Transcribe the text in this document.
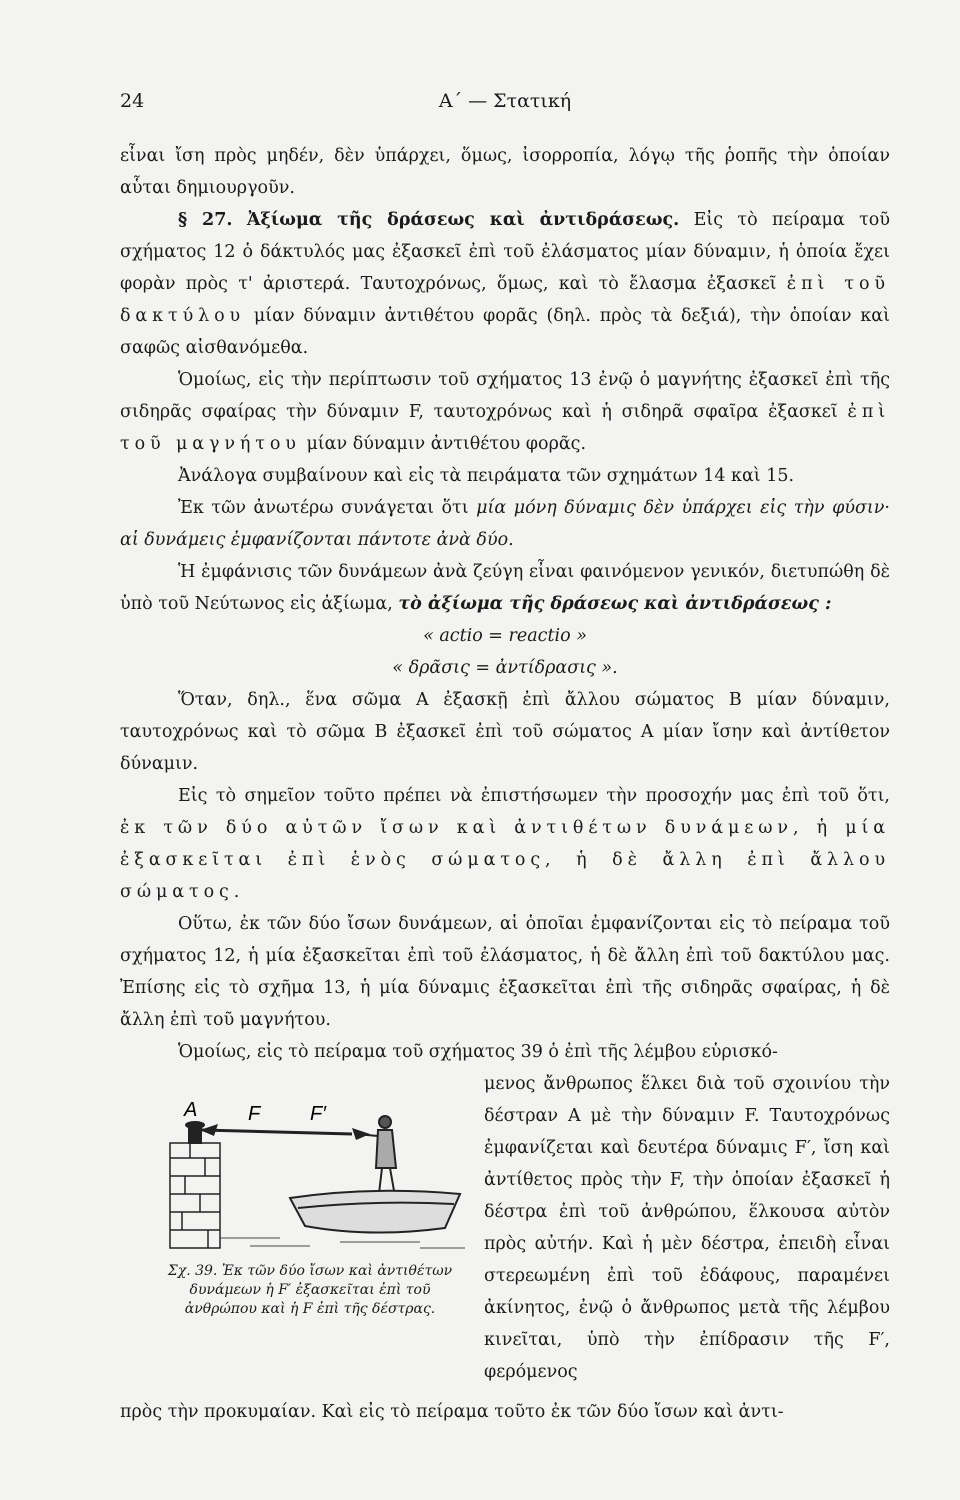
24	Α΄ — Στατική

εἶναι ἴση πρὸς μηδέν, δὲν ὑπάρχει, ὅμως, ἰσορροπία, λόγῳ τῆς ῥοπῆς τὴν ὁποίαν αὗται δημιουργοῦν.

§ 27. Ἀξίωμα τῆς δράσεως καὶ ἀντιδράσεως. Εἰς τὸ πείραμα τοῦ σχήματος 12 ὁ δάκτυλός μας ἐξασκεῖ ἐπὶ τοῦ ἐλάσματος μίαν δύναμιν, ἡ ὁποία ἔχει φορὰν πρὸς τ' ἀριστερά. Ταυτοχρόνως, ὅμως, καὶ τὸ ἔλασμα ἐξασκεῖ ἐπὶ τοῦ δακτύλου μίαν δύναμιν ἀντιθέτου φορᾶς (δηλ. πρὸς τὰ δεξιά), τὴν ὁποίαν καὶ σαφῶς αἰσθανόμεθα.

Ὁμοίως, εἰς τὴν περίπτωσιν τοῦ σχήματος 13 ἐνῷ ὁ μαγνήτης ἐξασκεῖ ἐπὶ τῆς σιδηρᾶς σφαίρας τὴν δύναμιν F, ταυτοχρόνως καὶ ἡ σιδηρᾶ σφαῖρα ἐξασκεῖ ἐπὶ τοῦ μαγνήτου μίαν δύναμιν ἀντιθέτου φορᾶς.

Ἀνάλογα συμβαίνουν καὶ εἰς τὰ πειράματα τῶν σχημάτων 14 καὶ 15.

Ἐκ τῶν ἀνωτέρω συνάγεται ὅτι μία μόνη δύναμις δὲν ὑπάρχει εἰς τὴν φύσιν· αἱ δυνάμεις ἐμφανίζονται πάντοτε ἀνὰ δύο.

Ἡ ἐμφάνισις τῶν δυνάμεων ἀνὰ ζεύγη εἶναι φαινόμενον γενικόν, διετυπώθη δὲ ὑπὸ τοῦ Νεύτωνος εἰς ἀξίωμα, τὸ ἀξίωμα τῆς δράσεως καὶ ἀντιδράσεως :

« actio = reactio »

« δρᾶσις = ἀντίδρασις ».

Ὅταν, δηλ., ἕνα σῶμα A ἐξασκῇ ἐπὶ ἄλλου σώματος B μίαν δύναμιν, ταυτοχρόνως καὶ τὸ σῶμα B ἐξασκεῖ ἐπὶ τοῦ σώματος A μίαν ἴσην καὶ ἀντίθετον δύναμιν.

Εἰς τὸ σημεῖον τοῦτο πρέπει νὰ ἐπιστήσωμεν τὴν προσοχήν μας ἐπὶ τοῦ ὅτι, ἐκ τῶν δύο αὐτῶν ἴσων καὶ ἀντιθέτων δυνάμεων, ἡ μία ἐξασκεῖται ἐπὶ ἑνὸς σώματος, ἡ δὲ ἄλλη ἐπὶ ἄλλου σώματος.

Οὕτω, ἐκ τῶν δύο ἴσων δυνάμεων, αἱ ὁποῖαι ἐμφανίζονται εἰς τὸ πείραμα τοῦ σχήματος 12, ἡ μία ἐξασκεῖται ἐπὶ τοῦ ἐλάσματος, ἡ δὲ ἄλλη ἐπὶ τοῦ δακτύλου μας. Ἐπίσης εἰς τὸ σχῆμα 13, ἡ μία δύναμις ἐξασκεῖται ἐπὶ τῆς σιδηρᾶς σφαίρας, ἡ δὲ ἄλλη ἐπὶ τοῦ μαγνήτου.

Ὁμοίως, εἰς τὸ πείραμα τοῦ σχήματος 39 ὁ ἐπὶ τῆς λέμβου εὑρισκό-

A	F F′
Σχ. 39. Ἐκ τῶν δύο ἴσων καὶ ἀντιθέτων δυνάμεων ἡ F′ ἐξασκεῖται ἐπὶ τοῦ ἀνθρώπου καὶ ἡ F ἐπὶ τῆς δέστρας.

μενος ἄνθρωπος ἕλκει διὰ τοῦ σχοινίου τὴν δέστραν A μὲ τὴν δύναμιν F. Ταυτοχρόνως ἐμφανίζεται καὶ δευτέρα δύναμις F′, ἴση καὶ ἀντίθετος πρὸς τὴν F, τὴν ὁποίαν ἐξασκεῖ ἡ δέστρα ἐπὶ τοῦ ἀνθρώπου, ἕλκουσα αὐτὸν πρὸς αὐτήν. Καὶ ἡ μὲν δέστρα, ἐπειδὴ εἶναι στερεωμένη ἐπὶ τοῦ ἐδάφους, παραμένει ἀκίνητος, ἐνῷ ὁ ἄνθρωπος μετὰ τῆς λέμβου κινεῖται, ὑπὸ τὴν ἐπίδρασιν τῆς F′, φερόμενος

πρὸς τὴν προκυμαίαν. Καὶ εἰς τὸ πείραμα τοῦτο ἐκ τῶν δύο ἴσων καὶ ἀντι-
